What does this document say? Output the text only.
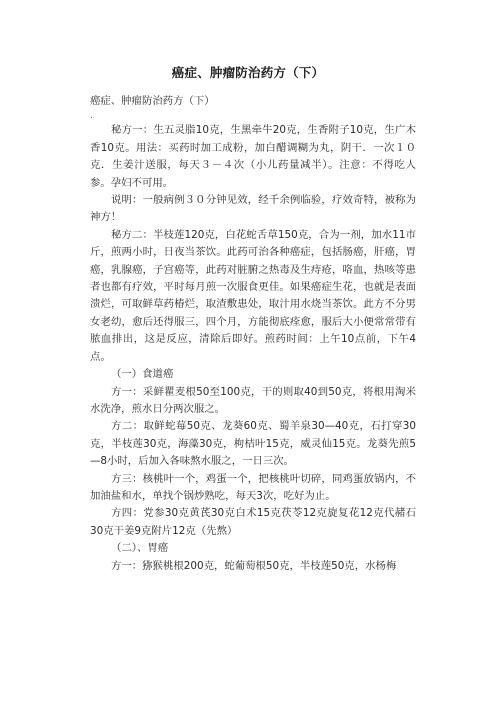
癌症、肿瘤防治药方（下）

癌症、肿瘤防治药方（下）

.

秘方一：生五灵脂10克，生黑牵牛20克，生香附子10克，生广木香10克。用法：买药时加工成粉，加白醋调糊为丸，阴干．一次１０克．生姜汁送服，每天３－４次（小儿药量减半）。注意：不得吃人参。孕妇不可用。

说明：一般病例３０分钟见效，经千余例临验，疗效奇特，被称为神方！

秘方二：半枝莲120克，白花蛇舌草150克，合为一剂，加水11市斤，煎两小时，日夜当茶饮。此药可治各种癌症，包括肠癌，肝癌，胃癌，乳腺癌，子宫癌等，此药对脏腑之热毒及生痔疮，咯血，热咳等患者也都有疗效，平时每月煎一次服食更佳。如果癌症生花，也就是表面溃烂，可取鲜草药椿烂，取渣敷患处，取汁用水烧当茶饮。此方不分男女老幼，愈后还得服三，四个月，方能彻底痊愈，服后大小便常常带有脓血排出，这是反应，清除后即好。煎药时间：上午10点前，下午4点。

（一）食道癌

方一：采鲜瞿麦根50至100克，干的则取40到50克，将根用淘米水洗净，煎水日分两次服之。

方二：取鲜蛇莓50克、龙葵60克、蜀羊泉30—40克，石打穿30克，半枝莲30克，海藻30克，枸桔叶15克，威灵仙15克。龙葵先煎5—8小时，后加入各味熬水服之，一日三次。

方三：核桃叶一个，鸡蛋一个，把核桃叶切碎，同鸡蛋放锅内，不加油盐和水，单找个锅炒熟吃，每天3次，吃好为止。

方四：党参30克黄芪30克白术15克茯苓12克旋复花12克代赭石30克干姜9克附片12克（先熬）

（二）、胃癌

方一：猕猴桃根200克，蛇葡萄根50克，半枝莲50克，水杨梅
